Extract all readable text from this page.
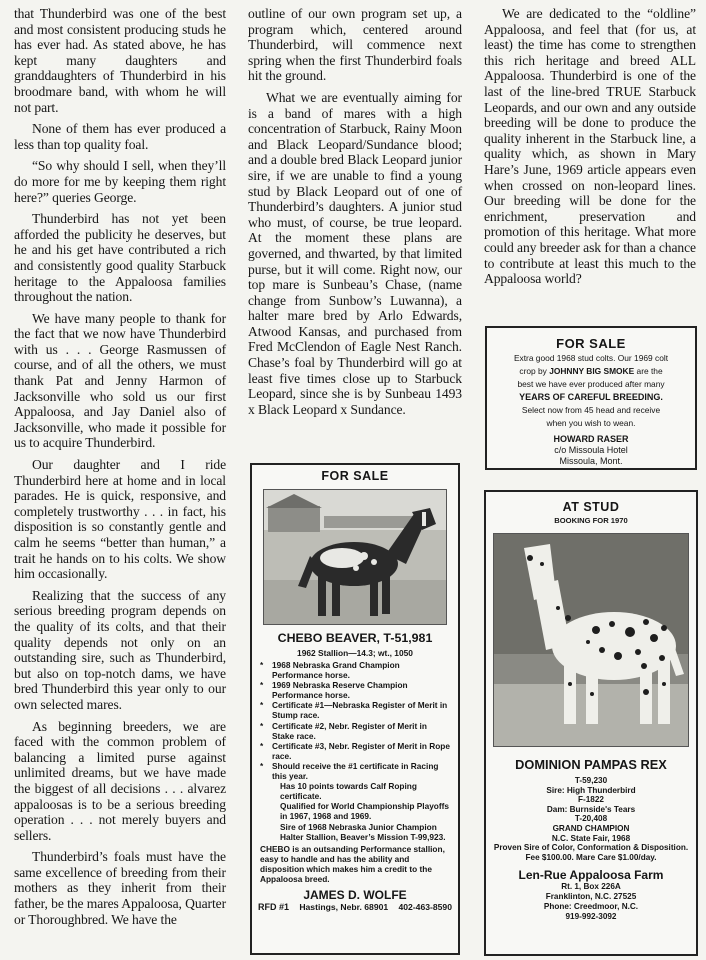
that Thunderbird was one of the best and most consistent producing studs he has ever had. As stated above, he has kept many daughters and granddaughters of Thunderbird in his broodmare band, with whom he will not part.

None of them has ever produced a less than top quality foal.

“So why should I sell, when they’ll do more for me by keeping them right here?” queries George.

Thunderbird has not yet been afforded the publicity he deserves, but he and his get have contributed a rich and consistently good quality Starbuck heritage to the Appaloosa families throughout the nation.

We have many people to thank for the fact that we now have Thunderbird with us . . . George Rasmussen of course, and of all the others, we must thank Pat and Jenny Harmon of Jacksonville who sold us our first Appaloosa, and Jay Daniel also of Jacksonville, who made it possible for us to acquire Thunderbird.

Our daughter and I ride Thunderbird here at home and in local parades. He is quick, responsive, and completely trustworthy . . . in fact, his disposition is so constantly gentle and calm he seems “better than human,” a trait he hands on to his colts. We show him occasionally.

Realizing that the success of any serious breeding program depends on the quality of its colts, and that their quality depends not only on an outstanding sire, such as Thunderbird, but also on top-notch dams, we have bred Thunderbird this year only to our own selected mares.

As beginning breeders, we are faced with the common problem of balancing a limited purse against unlimited dreams, but we have made the biggest of all decisions . . . alvarez appaloosas is to be a serious breeding operation . . . not merely buyers and sellers.

Thunderbird’s foals must have the same excellence of breeding from their mothers as they inherit from their father, be the mares Appaloosa, Quarter or Thoroughbred. We have the

outline of our own program set up, a program which, centered around Thunderbird, will commence next spring when the first Thunderbird foals hit the ground.

What we are eventually aiming for is a band of mares with a high concentration of Starbuck, Rainy Moon and Black Leopard/Sundance blood; and a double bred Black Leopard junior sire, if we are unable to find a young stud by Black Leopard out of one of Thunderbird’s daughters. A junior stud who must, of course, be true leopard. At the moment these plans are governed, and thwarted, by that limited purse, but it will come. Right now, our top mare is Sunbeau’s Chase, (name change from Sunbow’s Luwanna), a halter mare bred by Arlo Edwards, Atwood Kansas, and purchased from Fred McClendon of Eagle Nest Ranch. Chase’s foal by Thunderbird will go at least five times close up to Starbuck Leopard, since she is by Sunbeau 1493 x Black Leopard x Sundance.

We are dedicated to the “oldline” Appaloosa, and feel that (for us, at least) the time has come to strengthen this rich heritage and breed ALL Appaloosa. Thunderbird is one of the last of the line-bred TRUE Starbuck Leopards, and our own and any outside breeding will be done to produce the quality inherent in the Starbuck line, a quality which, as shown in Mary Hare’s June, 1969 article appears even when crossed on non-leopard lines. Our breeding will be done for the enrichment, preservation and promotion of this heritage. What more could any breeder ask for than a chance to contribute at least this much to the Appaloosa world?

FOR SALE
Extra good 1968 stud colts. Our 1969 colt
crop by JOHNNY BIG SMOKE are the
best we have ever produced after many
YEARS OF CAREFUL BREEDING.
Select now from 45 head and receive
when you wish to wean.
HOWARD RASER
c/o Missoula Hotel
Missoula, Mont.
FOR SALE
CHEBO BEAVER, T-51,981
1962 Stallion—14.3; wt., 1050
* 1968 Nebraska Grand Champion Performance horse.
* 1969 Nebraska Reserve Champion Performance horse.
* Certificate #1—Nebraska Register of Merit in Stump race.
* Certificate #2, Nebr. Register of Merit in Stake race.
* Certificate #3, Nebr. Register of Merit in Rope race.
* Should receive the #1 certificate in Racing this year.
Has 10 points towards Calf Roping certificate.
Qualified for World Championship Playoffs in 1967, 1968 and 1969.
Sire of 1968 Nebraska Junior Champion Halter Stallion, Beaver’s Mission T-99,923.
CHEBO is an outsanding Performance stallion, easy to handle and has the ability and disposition which makes him a credit to the Appaloosa breed.
JAMES D. WOLFE
RFD #1 Hastings, Nebr. 68901 402-463-8590
AT STUD
BOOKING FOR 1970
DOMINION PAMPAS REX
T-59,230
Sire: High Thunderbird
F-1822
Dam: Burnside's Tears
T-20,408
GRAND CHAMPION
N.C. State Fair, 1968
Proven Sire of Color, Conformation & Disposition. Fee $100.00. Mare Care $1.00/day.
Len-Rue Appaloosa Farm
Rt. 1, Box 226A
Franklinton, N.C. 27525
Phone: Creedmoor, N.C.
919-992-3092
